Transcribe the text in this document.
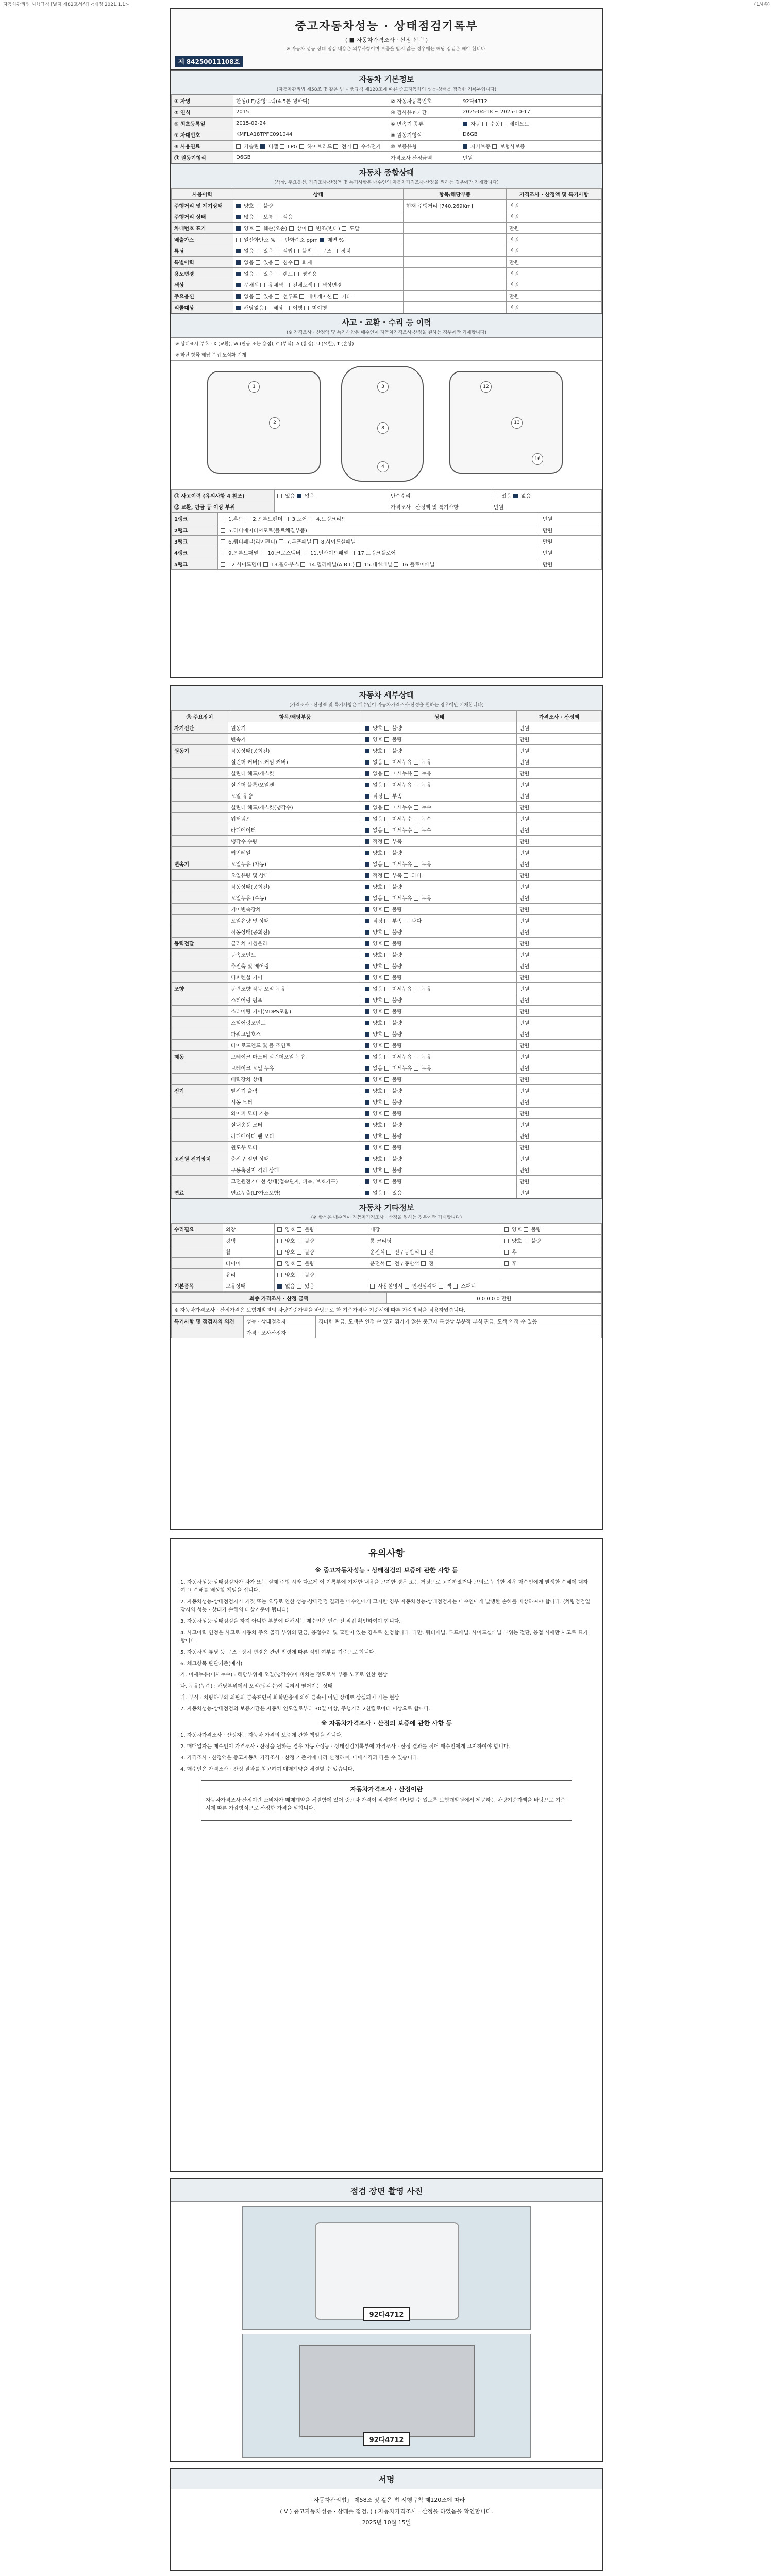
자동차관리법 시행규칙 [별지 제82호서식] <개정 2021.1.1>	(1/4쪽)
중고자동차성능 · 상태점검기록부
( ■ 자동차가격조사 · 산정 선택 )
※ 자동차 성능·상태 점검 내용은 의무사항이며 보증을 받지 않는 경우에는 해당 점검은 해야 합니다.
제 84250011108호
자동차 기본정보
(자동차관리법 제58조 및 같은 법 시행규칙 제120조에 따른 중고자동차의 성능·상태를 점검한 기록부입니다)
① 차명	한성(LF)중형트럭(4.5톤 윙바디)	② 자동차등록번호	92다4712
③ 연식	2015	④ 검사유효기간	2025-04-18 ~ 2025-10-17
⑤ 최초등록일	2015-02-24	⑥ 변속기 종류	자동  수동  세미오토
⑦ 차대번호	KMFLA18TPFC091044	⑧ 원동기형식	D6GB
⑨ 사용연료	가솔린  디젤  LPG  하이브리드  전기  수소전기	⑩ 보증유형	자가보증  보험사보증
⑪ 원동기형식	D6GB	가격조사 산정금액	만원
자동차 종합상태
(색상, 주요옵션, 가격조사·산정액 및 특기사항은 매수인의 자동차가격조사·산정을 원하는 경우에만 기재합니다)
사용이력	상태	항목/해당부품	가격조사 · 산정액 및 특기사항
주행거리 및 계기상태	양호  불량	현재 주행거리 [740,269Km]	만원
주행거리 상태	많음  보통  적음		만원
차대번호 표기	양호  훼손(오손)  상이  변조(변타)  도말		만원
배출가스	일산화탄소 %  탄화수소 ppm  매연 %		만원
튜닝	없음  있음  적법  불법  구조  장치		만원
특별이력	없음  있음  침수  화재		만원
용도변경	없음  있음  렌트  영업용		만원
색상	무채색  유채색  전체도색  색상변경		만원
주요옵션	없음  있음  선루프  내비게이션  기타		만원
리콜대상	해당없음  해당  이행  미이행		만원
사고 · 교환 · 수리 등 이력
(※ 가격조사 · 산정액 및 특기사항은 매수인이 자동차가격조사·산정을 원하는 경우에만 기재합니다)
※ 상태표시 부호 : X (교환), W (판금 또는 용접), C (부식), A (흠집), U (요철), T (손상)
※ 하단 항목 해당 부위 도식화 기재
1
2
3
8
4
12
13
16
⑭ 사고이력 (유의사항 4 참조)	있음  없음	단순수리	있음  없음
⑮ 교환, 판금 등 이상 부위		가격조사 · 산정액 및 특기사항	만원
1랭크	1.후드  2.프론트펜더  3.도어  4.트렁크리드	만원
2랭크	5.라디에이터서포트(볼트체결부품)	만원
3랭크	6.쿼터패널(리어펜더)  7.루프패널  8.사이드실패널	만원
4랭크	9.프론트패널  10.크로스멤버  11.인사이드패널  17.트렁크플로어	만원
5랭크	12.사이드멤버  13.휠하우스  14.필러패널(A B C)  15.대쉬패널  16.플로어패널	만원
자동차 세부상태
(가격조사 · 산정액 및 특기사항은 매수인이 자동차가격조사·산정을 원하는 경우에만 기재합니다)
⑯ 주요장치	항목/해당부품	상태	가격조사 · 산정액
자기진단	원동기	양호  불량	만원
	변속기	양호  불량	만원
원동기	작동상태(공회전)	양호  불량	만원
	실린더 커버(로커암 커버)	없음  미세누유  누유	만원
	실린더 헤드/개스킷	없음  미세누유  누유	만원
	실린더 블록/오일팬	없음  미세누유  누유	만원
	오일 유량	적정  부족	만원
	실린더 헤드/개스킷(냉각수)	없음  미세누수  누수	만원
	워터펌프	없음  미세누수  누수	만원
	라디에이터	없음  미세누수  누수	만원
	냉각수 수량	적정  부족	만원
	커먼레일	양호  불량	만원
변속기	오일누유 (자동)	없음  미세누유  누유	만원
	오일유량 및 상태	적정  부족  과다	만원
	작동상태(공회전)	양호  불량	만원
	오일누유 (수동)	없음  미세누유  누유	만원
	기어변속장치	양호  불량	만원
	오일유량 및 상태	적정  부족  과다	만원
	작동상태(공회전)	양호  불량	만원
동력전달	클러치 어셈블리	양호  불량	만원
	등속조인트	양호  불량	만원
	추진축 및 베어링	양호  불량	만원
	디퍼렌셜 기어	양호  불량	만원
조향	동력조향 작동 오일 누유	없음  미세누유  누유	만원
	스티어링 펌프	양호  불량	만원
	스티어링 기어(MDPS포함)	양호  불량	만원
	스티어링조인트	양호  불량	만원
	파워고압호스	양호  불량	만원
	타이로드엔드 및 볼 조인트	양호  불량	만원
제동	브레이크 마스터 실린더오일 누유	없음  미세누유  누유	만원
	브레이크 오일 누유	없음  미세누유  누유	만원
	배력장치 상태	양호  불량	만원
전기	발전기 출력	양호  불량	만원
	시동 모터	양호  불량	만원
	와이퍼 모터 기능	양호  불량	만원
	실내송풍 모터	양호  불량	만원
	라디에이터 팬 모터	양호  불량	만원
	윈도우 모터	양호  불량	만원
고전원 전기장치	충전구 절연 상태	양호  불량	만원
	구동축전지 격리 상태	양호  불량	만원
	고전원전기배선 상태(접속단자, 피복, 보호기구)	양호  불량	만원
연료	연료누출(LP가스포함)	없음  있음	만원
자동차 기타정보
(※ 항목은 매수인이 자동차가격조사 · 산정을 원하는 경우에만 기재합니다)
수리필요	외장	양호  불량	내장	양호  불량
	광택	양호  불량	룸 크리닝	양호  불량
	휠	양호  불량	운전석  전 / 동반석  전	후
	타이어	양호  불량	운전석  전 / 동반석  전	후
	유리	양호  불량		
기본품목	보유상태	없음  있음	사용설명서  안전삼각대  잭  스패너	
최종 가격조사 · 산정 금액	0 0 0 0 0 만원
※ 자동차가격조사 · 산정가격은 보험개발원의 차량기준가액을 바탕으로 한 기준가격과 기준서에 따른 가감방식을 적용하였습니다.
특기사항 및 점검자의 의견	성능 · 상태점검자	경미한 판금, 도색은 인정 수 있고 휘가기 않은 중고자 특성상 부분적 부식 판금, 도색 인정 수 있음
	가격 · 조사산정자	
유의사항
※ 중고자동차성능 · 상태점검의 보증에 관한 사항 등

1. 자동차성능·상태점검자가 차가 또는 실제 주행 시와 다르게 이 기록부에 기재한 내용을 고지한 경우 또는 거짓으로 고지하였거나 고의로 누락한 경우 매수인에게 발생한 손해에 대하여 그 손해를 배상할 책임을 집니다.

2. 자동차성능·상태점검자가 거짓 또는 오류로 인한 성능·상태점검 결과를 매수인에게 고지한 경우 자동차성능·상태점검자는 매수인에게 발생한 손해를 배상하여야 합니다. (차량점검일 당시의 성능 · 상태가 손해의 배상기준이 됩니다)

3. 자동차성능·상태점검을 하지 아니한 부분에 대해서는 매수인은 인수 전 직접 확인하여야 합니다.

4. 사고이력 인정은 사고로 자동차 주요 골격 부위의 판금, 용접수리 및 교환이 있는 경우로 한정합니다. 다만, 쿼터패널, 루프패널, 사이드실패널 부위는 절단, 용접 시에만 사고로 표기합니다.

5. 자동차의 튜닝 등 구조 · 장치 변경은 관련 법령에 따른 적법 여부를 기준으로 합니다.

6. 체크항목 판단기준(예시)

가. 미세누유(미세누수) : 해당부위에 오일(냉각수)이 비치는 정도로서 부품 노후로 인한 현상

나. 누유(누수) : 해당부위에서 오일(냉각수)이 맺혀서 떨어지는 상태

다. 부식 : 차량하부와 외판의 금속표면이 화학반응에 의해 금속이 아닌 상태로 상실되어 가는 현상

7. 자동차성능·상태점검의 보증기간은 자동차 인도일로부터 30일 이상, 주행거리 2천킬로미터 이상으로 합니다.

※ 자동차가격조사 · 산정의 보증에 관한 사항 등

1. 자동차가격조사 · 산정자는 자동차 가격의 보증에 관한 책임을 집니다.

2. 매매업자는 매수인이 가격조사 · 산정을 원하는 경우 자동차성능 · 상태점검기록부에 가격조사 · 산정 결과를 적어 매수인에게 고지하여야 합니다.

3. 가격조사 · 산정액은 중고자동차 가격조사 · 산정 기준서에 따라 산정하며, 매매가격과 다를 수 있습니다.

4. 매수인은 가격조사 · 산정 결과를 참고하여 매매계약을 체결할 수 있습니다.

자동차가격조사 · 산정이란

자동차가격조사·산정이란 소비자가 매매계약을 체결함에 있어 중고차 가격이 적정한지 판단할 수 있도록 보험개발원에서 제공하는 차량기준가액을 바탕으로 기준서에 따른 가감방식으로 산정한 가격을 말합니다.

점검 장면 촬영 사진
92다4712
92다4712
서명
「자동차관리법」 제58조 및 같은 법 시행규칙 제120조에 따라
( V ) 중고자동차성능 · 상태를 점검, ( ) 자동차가격조사 · 산정을 하였음을 확인합니다.
2025년 10월 15일
